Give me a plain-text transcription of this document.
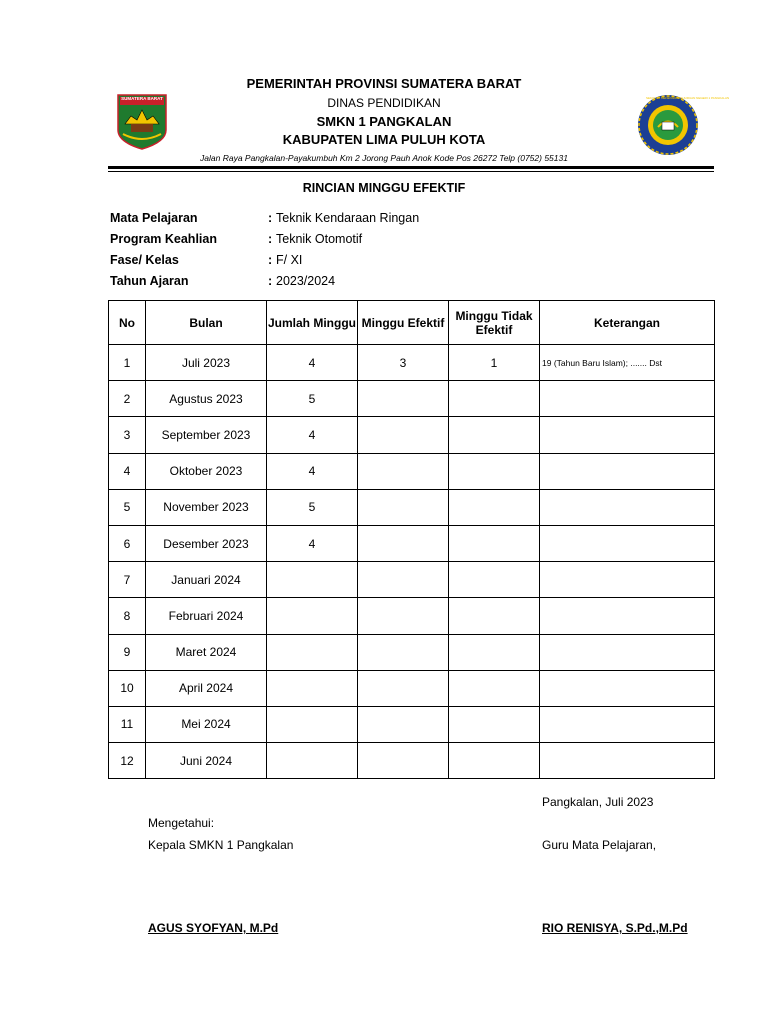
SUMATERA BARAT	SEKOLAH MENENGAH KEJURUAN NEGERI 1 PANGKALAN
PEMERINTAH PROVINSI SUMATERA BARAT
DINAS PENDIDIKAN
SMKN 1 PANGKALAN
KABUPATEN LIMA PULUH KOTA
Jalan Raya Pangkalan-Payakumbuh Km 2 Jorong Pauh Anok Kode Pos 26272 Telp (0752) 55131
RINCIAN MINGGU EFEKTIF
Mata Pelajaran	: Teknik Kendaraan Ringan
Program Keahlian	: Teknik Otomotif
Fase/ Kelas	: F/ XI
Tahun Ajaran	: 2023/2024
No	Bulan	Jumlah Minggu	Minggu Efektif	Minggu Tidak Efektif	Keterangan
1	Juli 2023	4	3	1	19 (Tahun Baru Islam); ....... Dst
2	Agustus 2023	5			
3	September 2023	4			
4	Oktober 2023	4			
5	November 2023	5			
6	Desember 2023	4			
7	Januari 2024				
8	Februari 2024				
9	Maret 2024				
10	April 2024				
11	Mei 2024				
12	Juni 2024				
Pangkalan, Juli 2023
Mengetahui:
Kepala SMKN 1 Pangkalan	Guru Mata Pelajaran,
AGUS SYOFYAN, M.Pd	RIO RENISYA, S.Pd.,M.Pd
